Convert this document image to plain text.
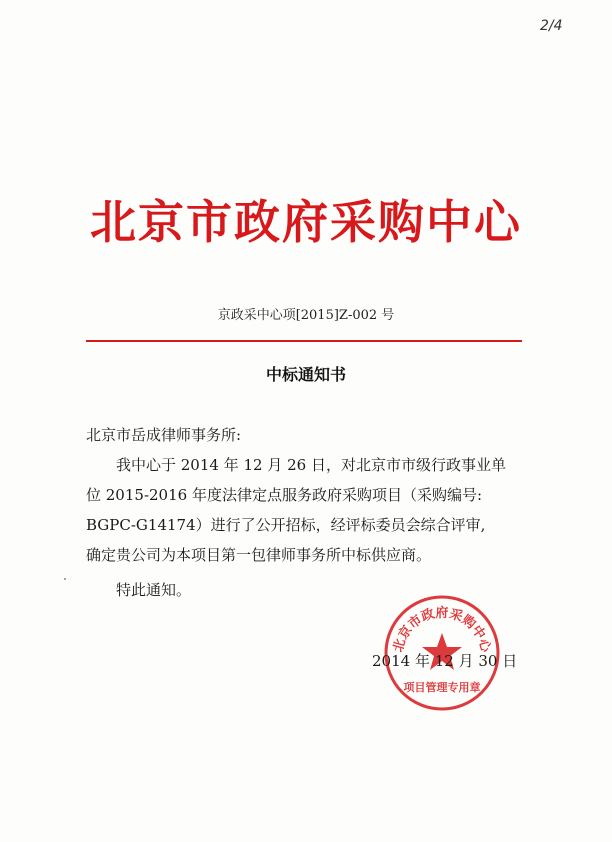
2/4
北京市政府采购中心
京政采中心项[2015]Z-002 号
中标通知书
北京市岳成律师事务所:

我中心于 2014 年 12 月 26 日，对北京市市级行政事业单

位 2015-2016 年度法律定点服务政府采购项目（采购编号:
BGPC-G14174）进行了公开招标，经评标委员会综合评审,
确定贵公司为本项目第一包律师事务所中标供应商。
特此通知。
北京市政府采购中心
项目管理专用章
2014 年 12 月 30 日
